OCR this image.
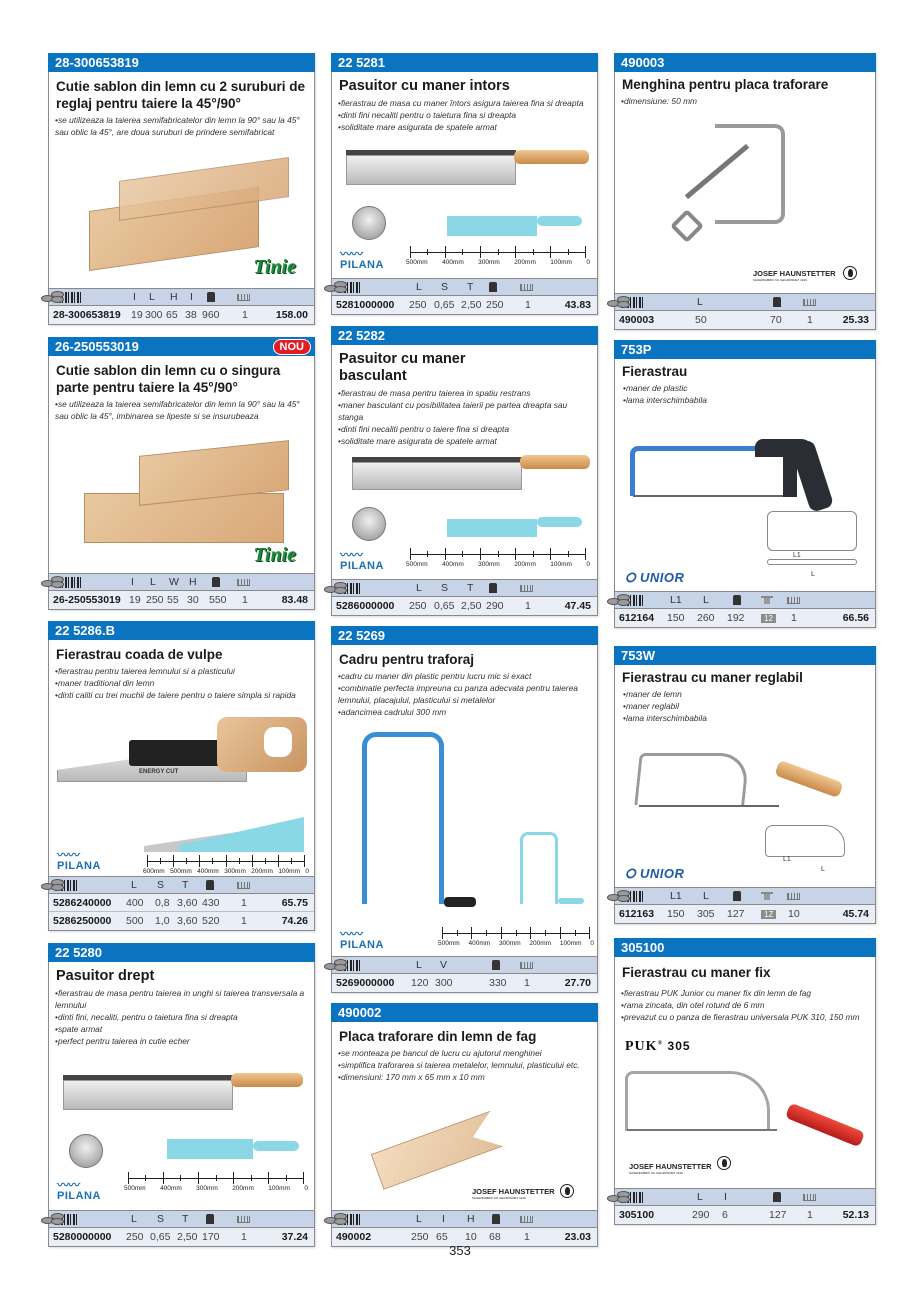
28-300653819
Cutie sablon din lemn cu 2 suruburi de reglaj pentru taiere la 45°/90°
• se utilizeaza la taierea semifabricatelor din lemn la 90° sau la 45° sau oblic la 45°, are doua suruburi de prindere semifabricat
Tinie
I L H I
28-300653819 19 300 65 38 960 1	158.00
26-250553019	NOU
Cutie sablon din lemn cu o singura parte pentru taiere la 45°/90°
• se utilizeaza la taierea semifabricatelor din lemn la 90° sau la 45° sau oblic la 45°, imbinarea se lipeste si se insurubeaza
Tinie
I L W H
26-250553019 19 250 55 30 550 1	83.48
22 5286.B
Fierastrau coada de vulpe
• fierastrau pentru taierea lemnului si a plasticului
• maner traditional din lemn
• dinti caliti cu trei muchii de taiere pentru o taiere simpla si rapida
ENERGY CUT
〰〰
PILANA	600mm 500mm 400mm 300mm 200mm 100mm 0
L S T
5286240000 400 0,8 3,60 430 1	65.75
5286250000 500 1,0 3,60 520 1	74.26
22 5280
Pasuitor drept
• fierastrau de masa pentru taierea in unghi si taierea transversala a lemnului
• dinti fini, necaliti, pentru o taietura fina si dreapta
• spate armat
• perfect pentru taierea in cutie echer
〰〰
PILANA
500mm 400mm 300mm 200mm 100mm 0
L S T
5280000000 250 0,65 2,50 170 1	37.24
22 5281
Pasuitor cu maner intors
• fierastrau de masa cu maner întors asigura taierea fina si dreapta
• dinti fini necaliti pentru o taietura fina si dreapta
• soliditate mare asigurata de spatele armat
〰〰
PILANA	500mm 400mm 300mm 200mm 100mm 0
L S T
5281000000 250 0,65 2,50 250 1	43.83
22 5282
Pasuitor cu maner basculant
• fierastrau de masa pentru taierea in spatiu restrans
• maner basculant cu posibilitatea taierii pe partea dreapta sau stanga
• dinti fini necaliti pentru o taiere fina si dreapta
• soliditate mare asigurata de spatele armat
〰〰
PILANA	500mm 400mm 300mm 200mm 100mm 0
L S T
5286000000 250 0,65 2,50 290 1	47.45
22 5269
Cadru pentru traforaj
• cadru cu maner din plastic pentru lucru mic si exact
• combinatie perfecta impreuna cu panza adecvata pentru taierea lemnului, placajului, plasticului si metalelor
• adancimea cadrului 300 mm
〰〰
PILANA	500mm 400mm 300mm 200mm 100mm 0
L V
5269000000 120 300	330 1	27.70
490002
Placa traforare din lemn de fag
• se monteaza pe bancul de lucru cu ajutorul menghinei
• simplifica traforarea si taierea metalelor, lemnului, plasticului etc.
• dimensiuni: 170 mm x 65 mm x 10 mm
JOSEF HAUNSTETTER
SÄGENFABRIK KG GEGRÜNDET 1916
L I H
490002	250 65 10 68 1	23.03
490003
Menghina pentru placa traforare
• dimensiune: 50 mm
JOSEF HAUNSTETTER
SÄGENFABRIK KG GEGRÜNDET 1916
L
490003	50	70 1	25.33
753P
Fierastrau
• maner de plastic
• lama interschimbabila
L1
L
⭘ UNIOR
L1 L
612164 150 260 192	12 1	66.56
753W
Fierastrau cu maner reglabil
• maner de lemn
• maner reglabil
• lama interschimbabila
L1
L
⭘ UNIOR
L1 L
612163 150 305 127	1Z 10	45.74
305100
Fierastrau cu maner fix
• fierastrau PUK Junior cu maner fix din lemn de fag
• rama zincata, din otel rotund de 6 mm
• prevazut cu o panza de fierastrau universala PUK 310, 150 mm
PUK® 305
JOSEF HAUNSTETTER
SÄGENFABRIK KG GEGRÜNDET 1916
L I
305100	290 6	127 1	52.13
353
